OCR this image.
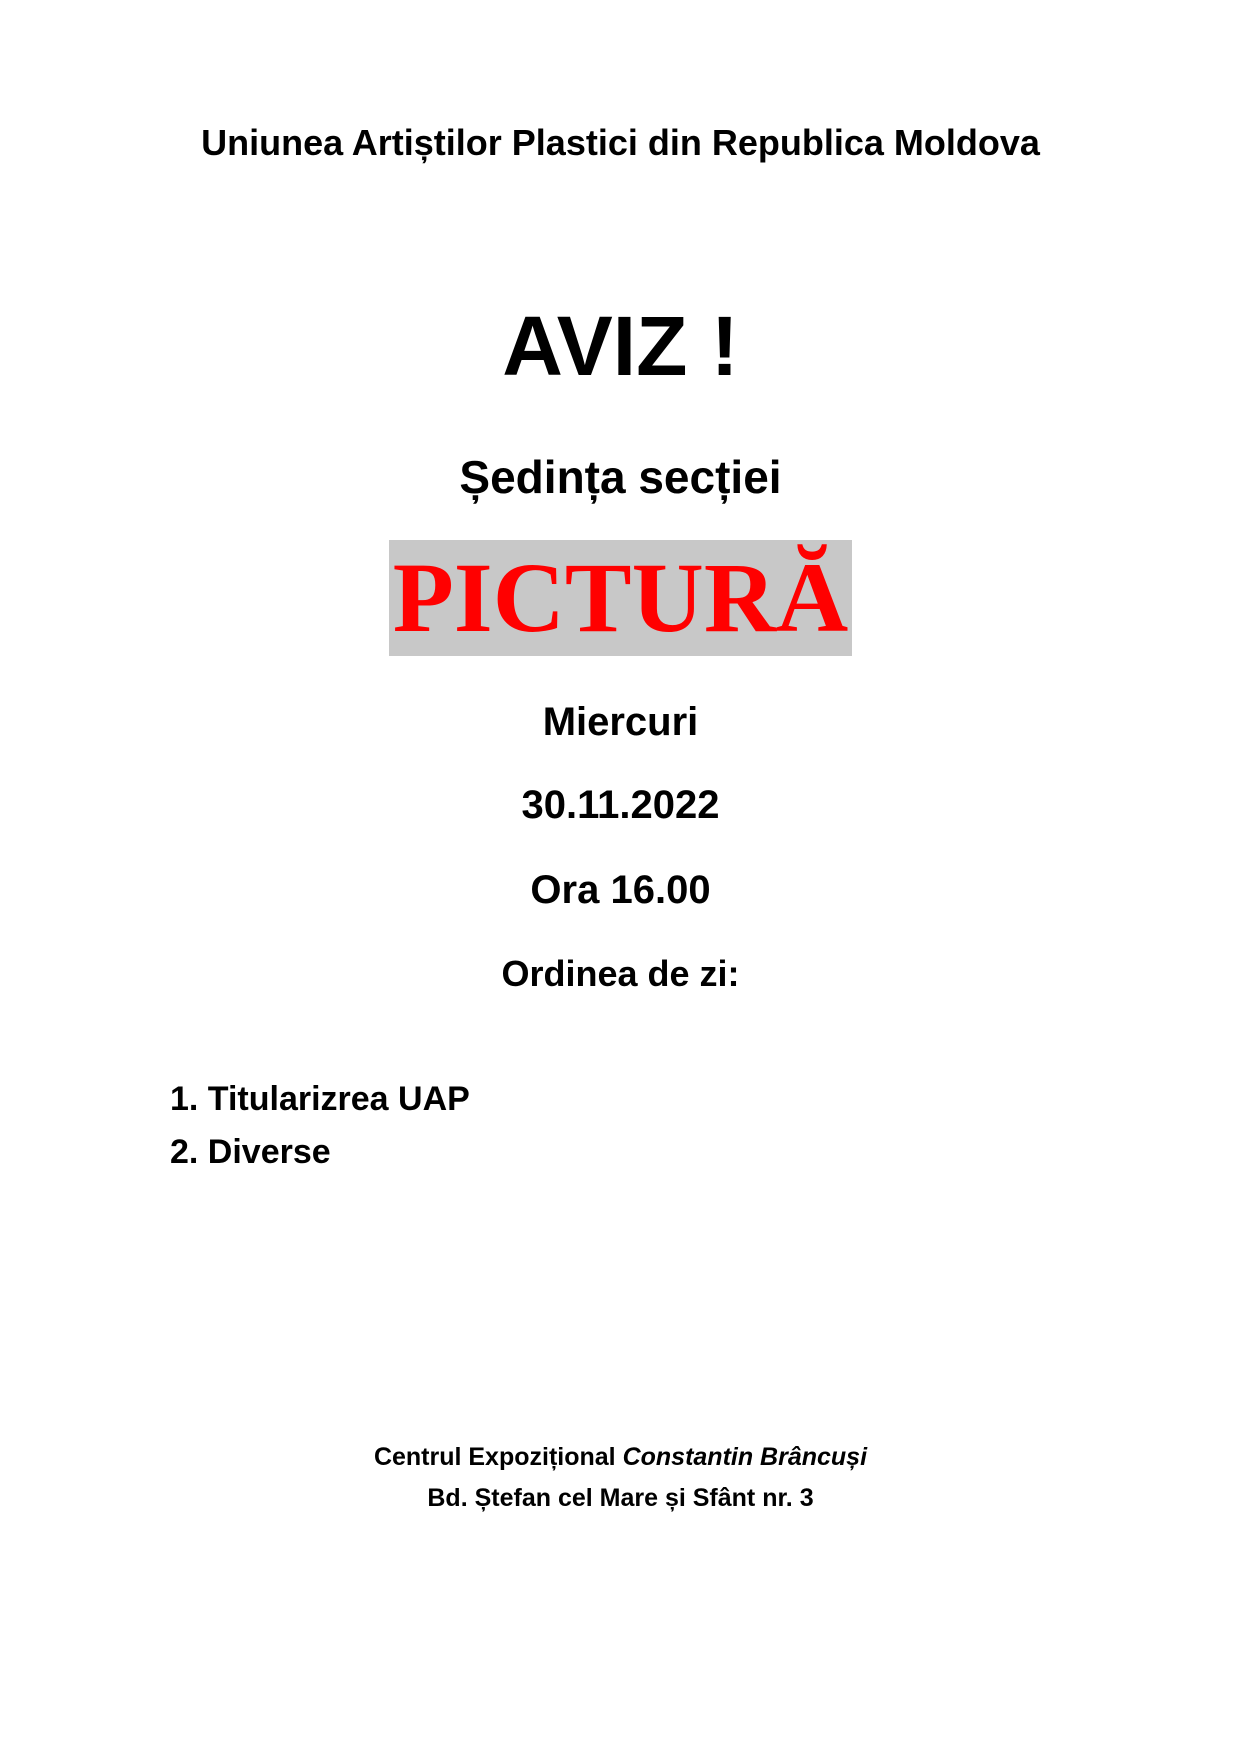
Uniunea Artiștilor Plastici din Republica Moldova
AVIZ !
Ședința secției
PICTURĂ
Miercuri
30.11.2022
Ora 16.00
Ordinea de zi:
1. Titularizrea UAP
2. Diverse
Centrul Expozițional Constantin Brâncuși
Bd. Ștefan cel Mare și Sfânt nr. 3
